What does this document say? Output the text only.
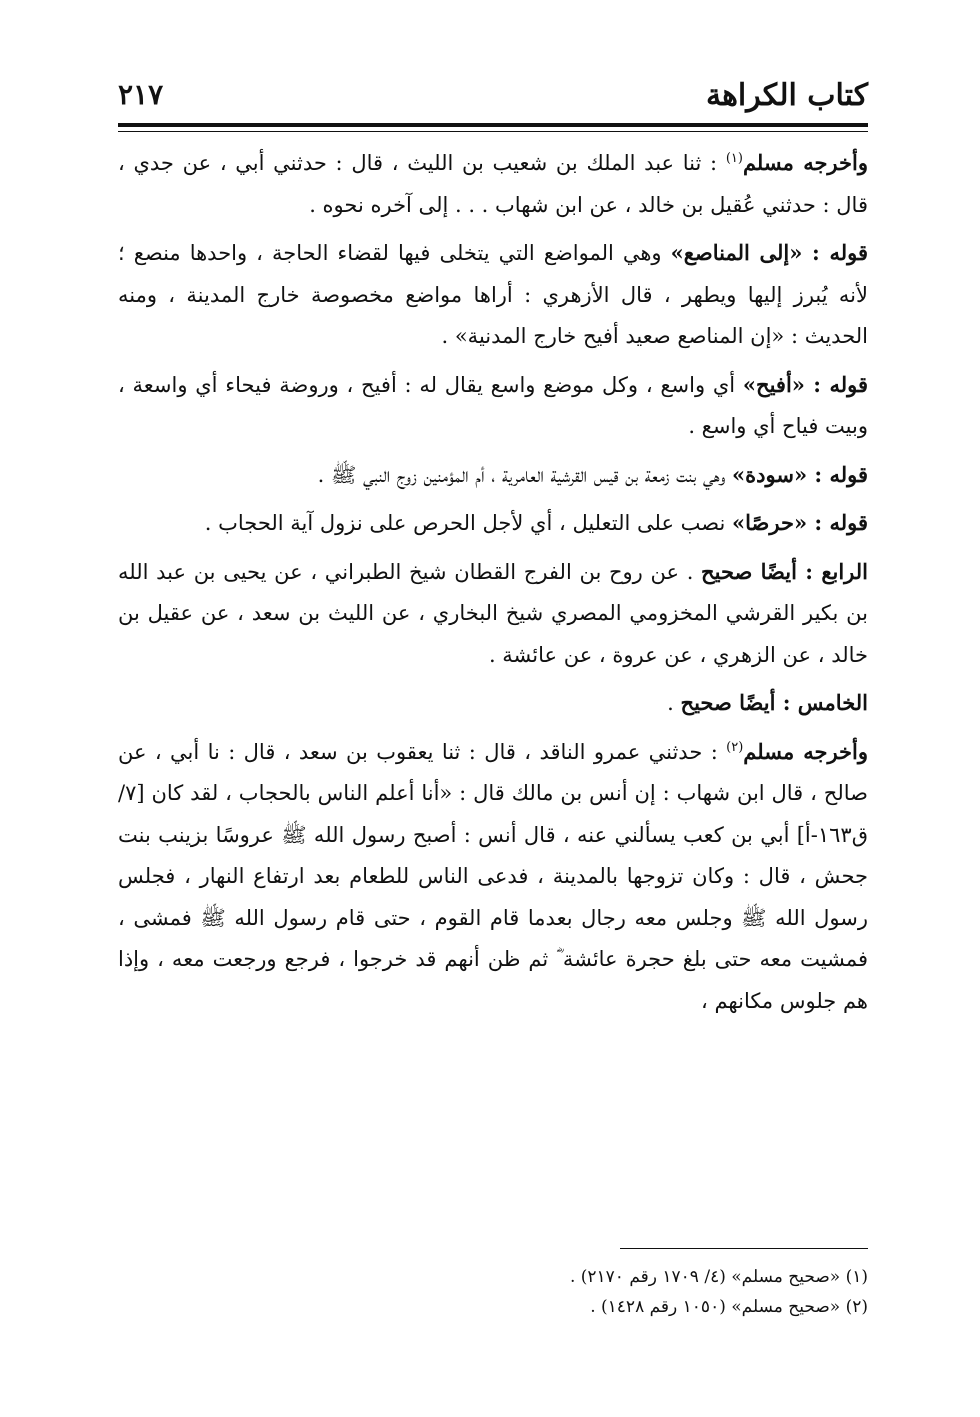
كتاب الكراهة
٢١٧

وأخرجه مسلم$^{(١)}$ : ثنا عبد الملك بن شعيب بن الليث ، قال : حدثني أبي ، عن جدي ، قال : حدثني عُقيل بن خالد ، عن ابن شهاب . . . إلى آخره نحوه .

قوله : «إلى المناصع» وهي المواضع التي يتخلى فيها لقضاء الحاجة ، واحدها منصع ؛ لأنه يُبرز إليها ويطهر ، قال الأزهري : أراها مواضع مخصوصة خارج المدينة ، ومنه الحديث : «إن المناصع صعيد أفيح خارج المدنية» .

قوله : «أفيح» أي واسع ، وكل موضع واسع يقال له : أفيح ، وروضة فيحاء أي واسعة ، وبيت فياح أي واسع .

قوله : «سودة» وهي بنت زمعة بن قيس القرشية العامرية ، أم المؤمنين زوج النبي ﷺ .

قوله : «حرصًا» نصب على التعليل ، أي لأجل الحرص على نزول آية الحجاب .

الرابع : أيضًا صحيح . عن روح بن الفرج القطان شيخ الطبراني ، عن يحيى بن عبد الله بن بكير القرشي المخزومي المصري شيخ البخاري ، عن الليث بن سعد ، عن عقيل بن خالد ، عن الزهري ، عن عروة ، عن عائشة .

الخامس : أيضًا صحيح .

وأخرجه مسلم$^{(٢)}$ : حدثني عمرو الناقد ، قال : ثنا يعقوب بن سعد ، قال : نا أبي ، عن صالح ، قال ابن شهاب : إن أنس بن مالك قال : «أنا أعلم الناس بالحجاب ، لقد كان [٧/ق١٦٣-أ] أبي بن كعب يسألني عنه ، قال أنس : أصبح رسول الله ﷺ عروسًا بزينب بنت جحش ، قال : وكان تزوجها بالمدينة ، فدعى الناس للطعام بعد ارتفاع النهار ، فجلس رسول الله ﷺ وجلس معه رجال بعدما قام القوم ، حتى قام رسول الله ﷺ فمشى ، فمشيت معه حتى بلغ حجرة عائشة ؓ ثم ظن أنهم قد خرجوا ، فرجع ورجعت معه ، وإذا هم جلوس مكانهم ،

(١) «صحيح مسلم» (٤/ ١٧٠٩ رقم ٢١٧٠) .

(٢) «صحيح مسلم» (١٠٥٠ رقم ١٤٢٨) .
